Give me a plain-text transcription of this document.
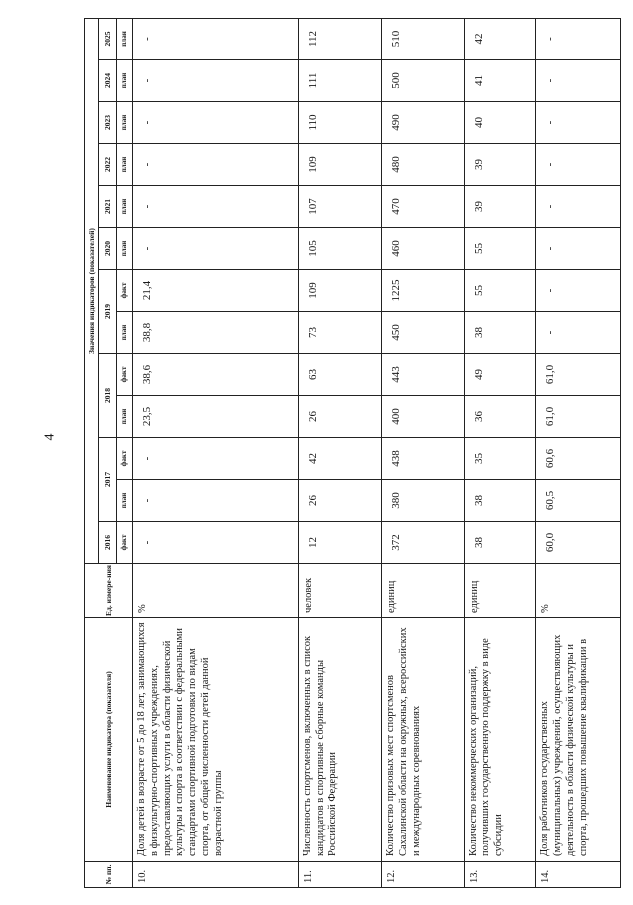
4
№ пп.	Наименование индикатора (показателя)	Ед. измере-ния	Значения индикаторов (показателей)												
			2016	2017		2018		2019		2020	2021	2022	2023	2024	2025
			факт	план	факт	план	факт	план	факт	план	план	план	план	план	план
10.	Доля детей в возрасте от 5 до 18 лет, занимающихся в физкультурно-спортивных учреждениях, предоставляющих услуги в области физической культуры и спорта в соответствии с федеральными стандартами спортивной подготовки по видам спорта, от общей численности детей данной возрастной группы	%	-	-	-	23,5	38,6	38,8	21,4	-	-	-	-	-	-
11.	Численность спортсменов, включенных в список кандидатов в спортивные сборные команды Российской Федерации	человек	12	26	42	26	63	73	109	105	107	109	110	111	112
12.	Количество призовых мест спортсменов Сахалинской области на окружных, всероссийских и международных соревнованиях	единиц	372	380	438	400	443	450	1225	460	470	480	490	500	510
13.	Количество некоммерческих организаций, получивших государственную поддержку в виде субсидии	единиц	38	38	35	36	49	38	55	55	39	39	40	41	42
14.	Доля работников государственных (муниципальных) учреждений, осуществляющих деятельность в области физической культуры и спорта, прошедших повышение квалификации в	%	60,0	60,5	60,6	61,0	61,0	-	-	-	-	-	-	-	-
